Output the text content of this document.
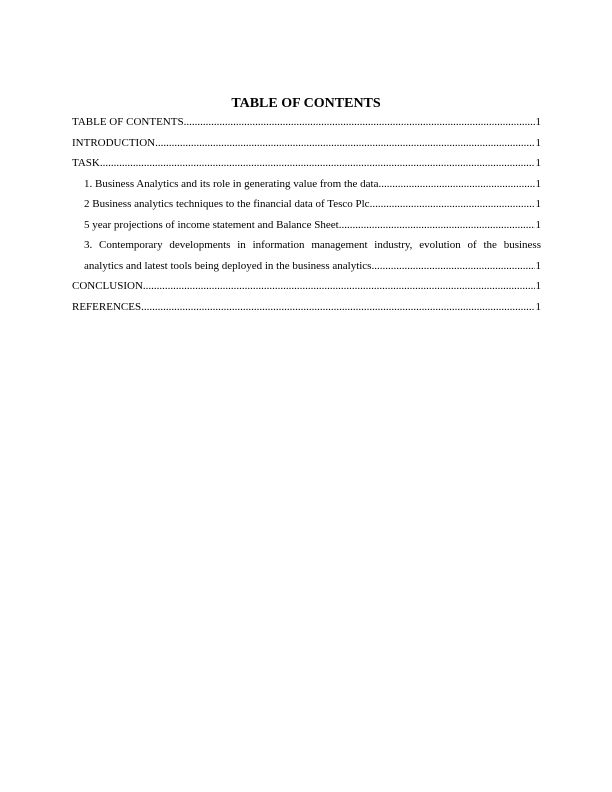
TABLE OF CONTENTS
TABLE OF CONTENTS .....	1
INTRODUCTION .....	1
TASK .....	1
1. Business Analytics and its role in generating value from the data .....	1
2 Business analytics techniques to the financial data of Tesco Plc .....	1
5 year projections of income statement and Balance Sheet .....	1
3. Contemporary developments in information management industry, evolution of the business
analytics and latest tools being deployed in the business analytics .....	1
CONCLUSION .....	1
REFERENCES .....	1
